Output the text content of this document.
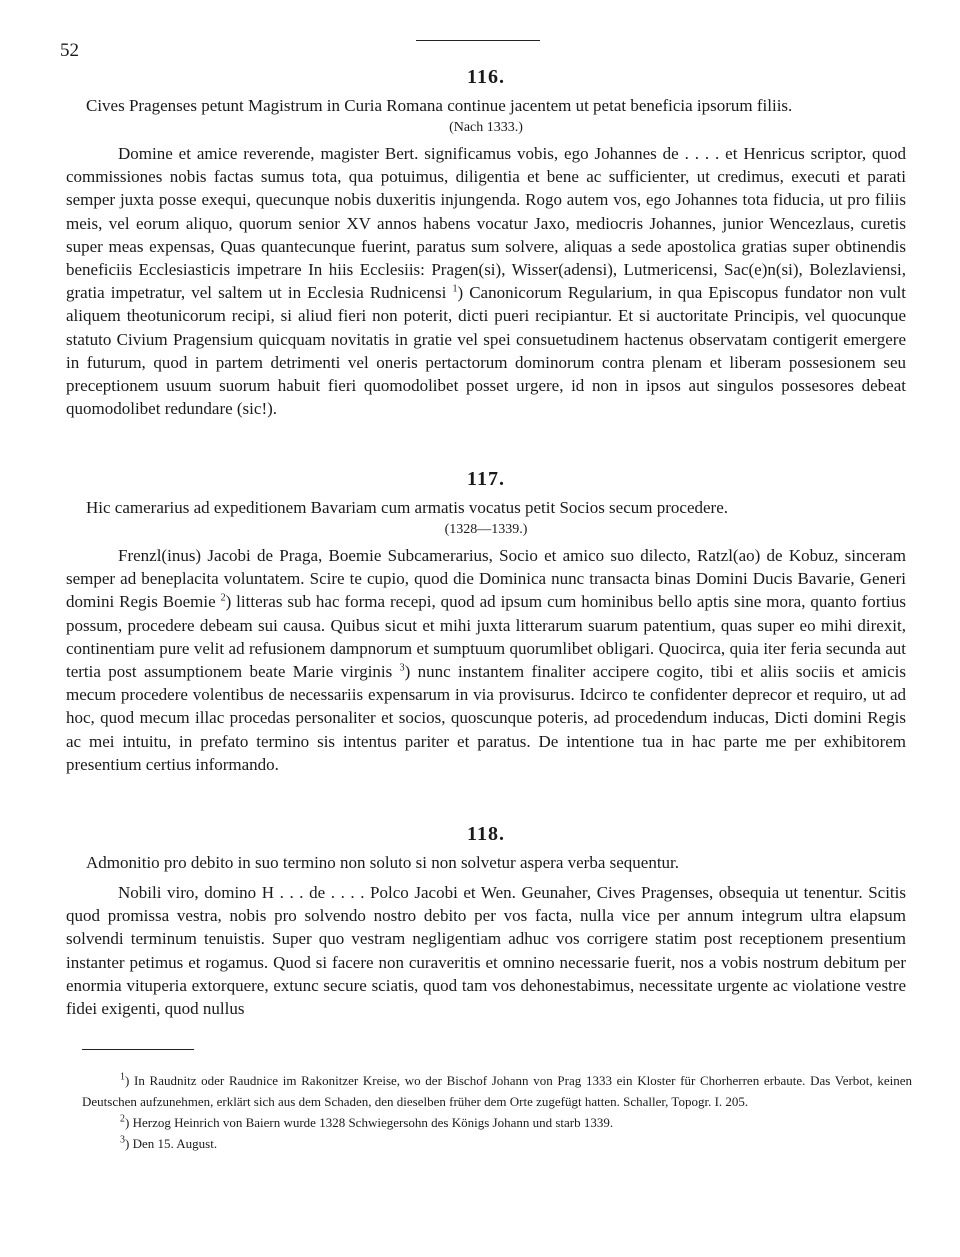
52
116.

Cives Pragenses petunt Magistrum in Curia Romana continue jacentem ut petat beneficia ipsorum filiis.

(Nach 1333.)

Domine et amice reverende, magister Bert. significamus vobis, ego Johannes de . . . . et Henricus scriptor, quod commissiones nobis factas sumus tota, qua potuimus, diligentia et bene ac sufficienter, ut credimus, executi et parati semper juxta posse exequi, quecunque nobis duxeritis injungenda. Rogo autem vos, ego Johannes tota fiducia, ut pro filiis meis, vel eorum aliquo, quorum senior XV annos habens vocatur Jaxo, mediocris Johannes, junior Wencezlaus, curetis super meas expensas, Quas quantecunque fuerint, paratus sum solvere, aliquas a sede apostolica gratias super obtinendis beneficiis Ecclesiasticis impetrare In hiis Ecclesiis: Pragen(si), Wisser(adensi), Lutmericensi, Sac(e)n(si), Bolezlaviensi, gratia impetratur, vel saltem ut in Ecclesia Rudnicensi $^1$) Canonicorum Regularium, in qua Episcopus fundator non vult aliquem theotunicorum recipi, si aliud fieri non poterit, dicti pueri recipiantur. Et si auctoritate Principis, vel quocunque statuto Civium Pragensium quicquam novitatis in gratie vel spei consuetudinem hactenus observatam contigerit emergere in futurum, quod in partem detrimenti vel oneris pertactorum dominorum contra plenam et liberam possesionem seu preceptionem usuum suorum habuit fieri quomodolibet posset urgere, id non in ipsos aut singulos possesores debeat quomodolibet redundare (sic!).

117.

Hic camerarius ad expeditionem Bavariam cum armatis vocatus petit Socios secum procedere.

(1328—1339.)

Frenzl(inus) Jacobi de Praga, Boemie Subcamerarius, Socio et amico suo dilecto, Ratzl(ao) de Kobuz, sinceram semper ad beneplacita voluntatem. Scire te cupio, quod die Dominica nunc transacta binas Domini Ducis Bavarie, Generi domini Regis Boemie $^2$) litteras sub hac forma recepi, quod ad ipsum cum hominibus bello aptis sine mora, quanto fortius possum, procedere debeam sui causa. Quibus sicut et mihi juxta litterarum suarum patentium, quas super eo mihi direxit, continentiam pure velit ad refusionem dampnorum et sumptuum quorumlibet obligari. Quocirca, quia iter feria secunda aut tertia post assumptionem beate Marie virginis $^3$) nunc instantem finaliter accipere cogito, tibi et aliis sociis et amicis mecum procedere volentibus de necessariis expensarum in via provisurus. Idcirco te confidenter deprecor et requiro, ut ad hoc, quod mecum illac procedas personaliter et socios, quoscunque poteris, ad procedendum inducas, Dicti domini Regis ac mei intuitu, in prefato termino sis intentus pariter et paratus. De intentione tua in hac parte me per exhibitorem presentium certius informando.

118.

Admonitio pro debito in suo termino non soluto si non solvetur aspera verba sequentur.

Nobili viro, domino H . . . de . . . . Polco Jacobi et Wen. Geunaher, Cives Pragenses, obsequia ut tenentur. Scitis quod promissa vestra, nobis pro solvendo nostro debito per vos facta, nulla vice per annum integrum ultra elapsum solvendi terminum tenuistis. Super quo vestram negligentiam adhuc vos corrigere statim post receptionem presentium instanter petimus et rogamus. Quod si facere non curaveritis et omnino necessarie fuerit, nos a vobis nostrum debitum per enormia vituperia extorquere, extunc secure sciatis, quod tam vos dehonestabimus, necessitate urgente ac violatione vestre fidei exigenti, quod nullus

$^1$) In Raudnitz oder Raudnice im Rakonitzer Kreise, wo der Bischof Johann von Prag 1333 ein Kloster für Chorherren erbaute. Das Verbot, keinen Deutschen aufzunehmen, erklärt sich aus dem Schaden, den dieselben früher dem Orte zugefügt hatten. Schaller, Topogr. I. 205.

$^2$) Herzog Heinrich von Baiern wurde 1328 Schwiegersohn des Königs Johann und starb 1339.

$^3$) Den 15. August.
